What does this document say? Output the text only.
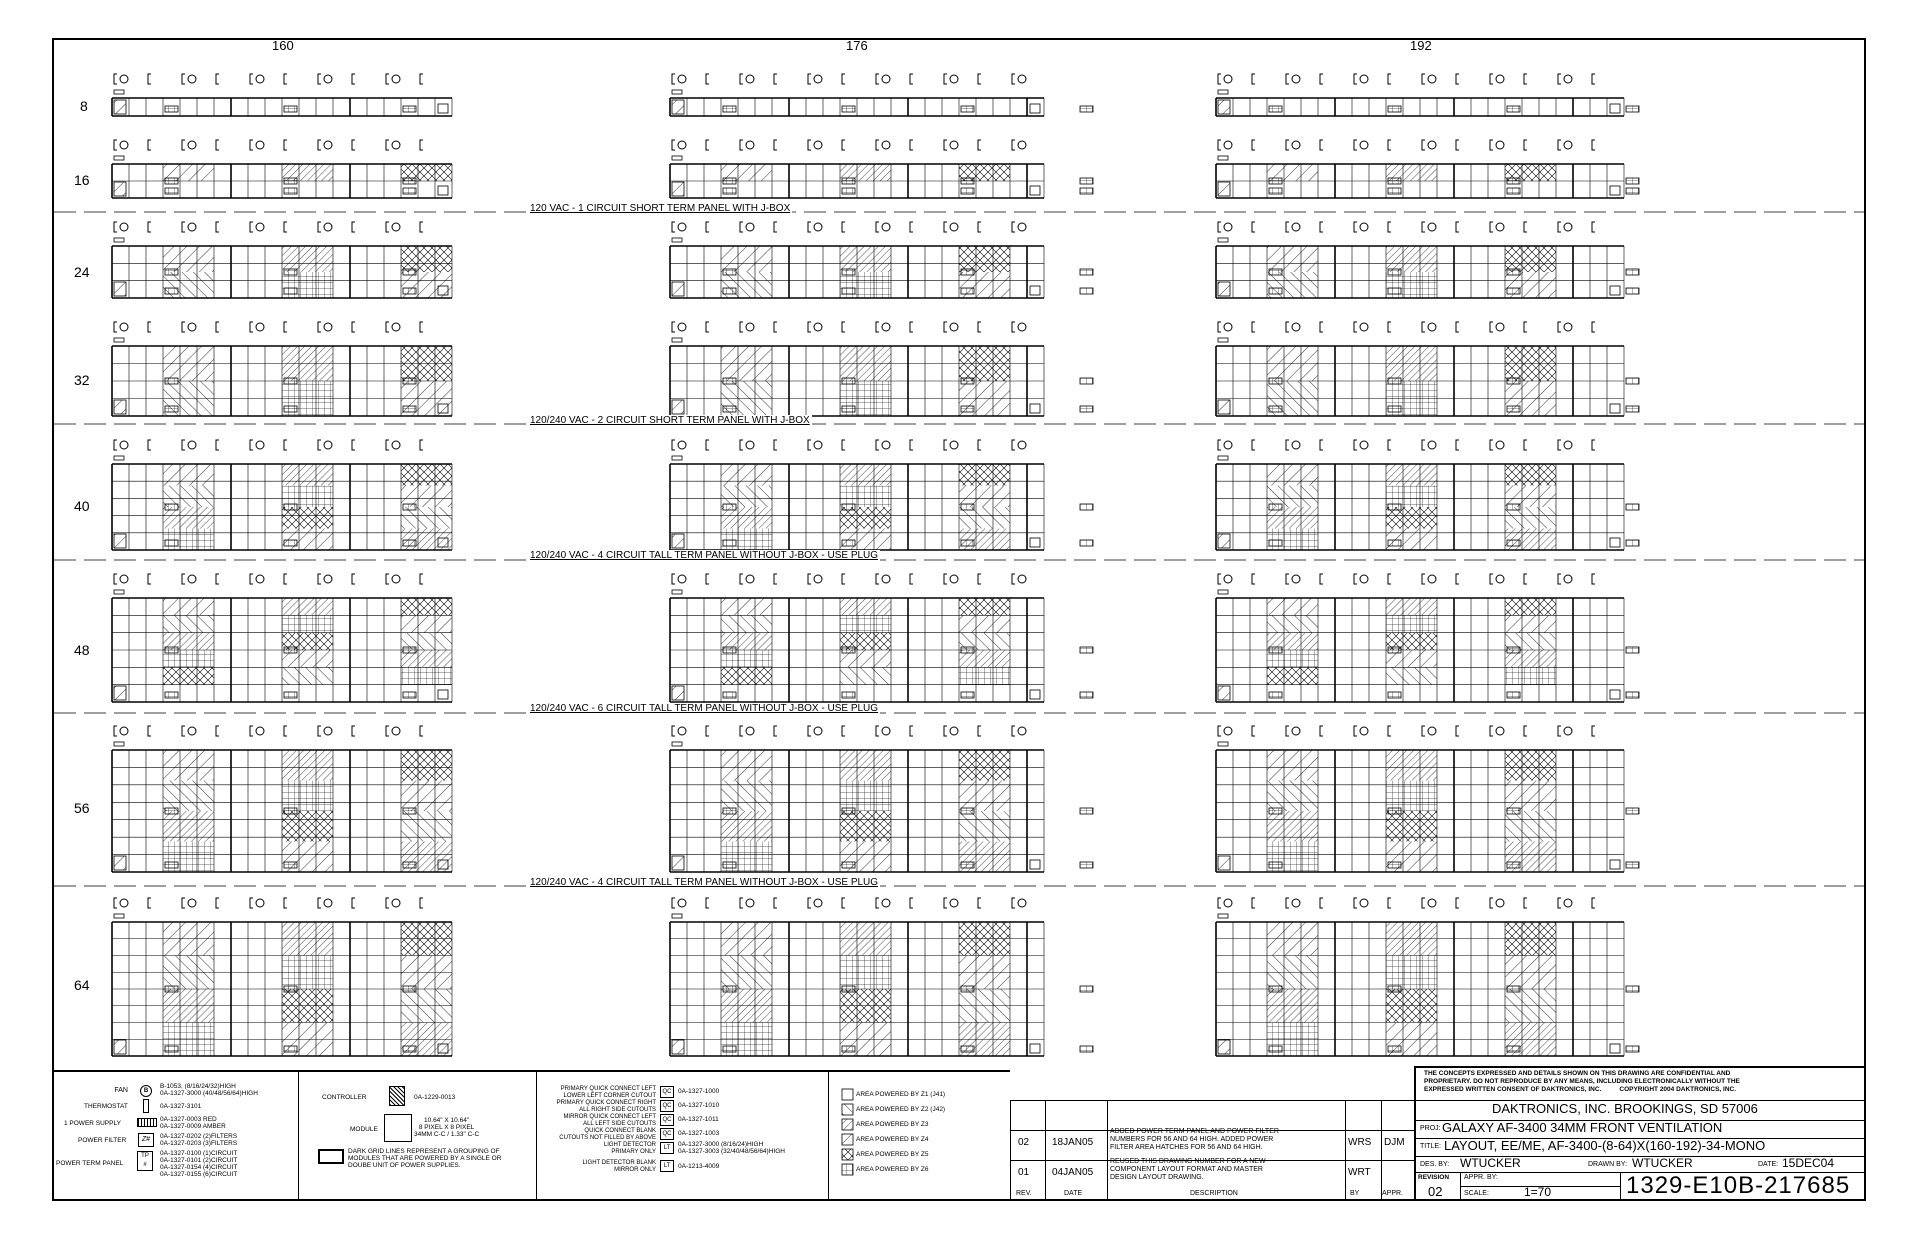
160	176	192
8
16
24
32
40
48
56
64
120 VAC - 1 CIRCUIT SHORT TERM PANEL WITH J-BOX
120/240 VAC - 2 CIRCUIT SHORT TERM PANEL WITH J-BOX
120/240 VAC - 4 CIRCUIT TALL TERM PANEL WITHOUT J-BOX - USE PLUG
120/240 VAC - 6 CIRCUIT TALL TERM PANEL WITHOUT J-BOX - USE PLUG
120/240 VAC - 4 CIRCUIT TALL TERM PANEL WITHOUT J-BOX - USE PLUG
FAN	B
B-1053, (8/16/24/32)HIGH
0A-1327-3000 (40/48/56/64)HIGH
THERMOSTAT	0A-1327-3101
1 POWER SUPPLY
0A-1327-0003 RED
0A-1327-0009 AMBER
POWER FILTER	Z#	0A-1327-0202 (2)FILTERS
0A-1327-0203 (3)FILTERS
POWER TERM PANEL
TP
#
0A-1327-0100 (1)CIRCUIT
0A-1327-0101 (2)CIRCUIT
0A-1327-0154 (4)CIRCUIT
0A-1327-0155 (6)CIRCUIT
CONTROLLER	0A-1229-0013
MODULE
10.64" X 10.64"
8 PIXEL X 8 PIXEL
34MM C-C / 1.33" C-C
DARK GRID LINES REPRESENT A GROUPING OF
MODULES THAT ARE POWERED BY A SINGLE OR
DOUBE UNIT OF POWER SUPPLIES.
PRIMARY QUICK CONNECT LEFT
LOWER LEFT CORNER CUTOUT
QC	0A-1327-1000
PRIMARY QUICK CONNECT RIGHT
ALL RIGHT SIDE CUTOUTS
QC	0A-1327-1010
MIRROR QUICK CONNECT LEFT
ALL LEFT SIDE CUTOUTS
QC	0A-1327-1011
QUICK CONNECT BLANK
CUTOUTS NOT FILLED BY ABOVE
QC	0A-1327-1003
LIGHT DETECTOR
PRIMARY ONLY
LT	0A-1327-3000 (8/16/24)HIGH
0A-1327-3003 (32/40/48/56/64)HIGH
LIGHT DETECTOR BLANK
MIRROR ONLY
LT	0A-1213-4009
AREA POWERED BY Z1 (J41)
AREA POWERED BY Z2 (J42)
AREA POWERED BY Z3
AREA POWERED BY Z4
AREA POWERED BY Z5
AREA POWERED BY Z6
02 18JAN05
ADDED POWER TERM PANEL AND POWER FILTER
NUMBERS FOR 56 AND 64 HIGH. ADDED POWER
FILTER AREA HATCHES FOR 56 AND 64 HIGH.	WRS DJM
01 04JAN05
REUSED THIS DRAWING NUMBER FOR A NEW
COMPONENT LAYOUT FORMAT AND MASTER
DESIGN LAYOUT DRAWING.	WRT
REV.	DATE	DESCRIPTION	BY	APPR.
THE CONCEPTS EXPRESSED AND DETAILS SHOWN ON THIS DRAWING ARE CONFIDENTIAL AND
PROPRIETARY. DO NOT REPRODUCE BY ANY MEANS, INCLUDING ELECTRONICALLY WITHOUT THE
EXPRESSED WRITTEN CONSENT OF DAKTRONICS, INC.          COPYRIGHT 2004 DAKTRONICS, INC.
DAKTRONICS, INC. BROOKINGS, SD 57006
PROJ: GALAXY AF-3400 34MM FRONT VENTILATION
TITLE: LAYOUT, EE/ME, AF-3400-(8-64)X(160-192)-34-MONO
DES. BY: WTUCKER	DRAWN BY: WTUCKER	DATE: 15DEC04
REVISION
02
APPR. BY:
SCALE:	1=70	1329-E10B-217685
